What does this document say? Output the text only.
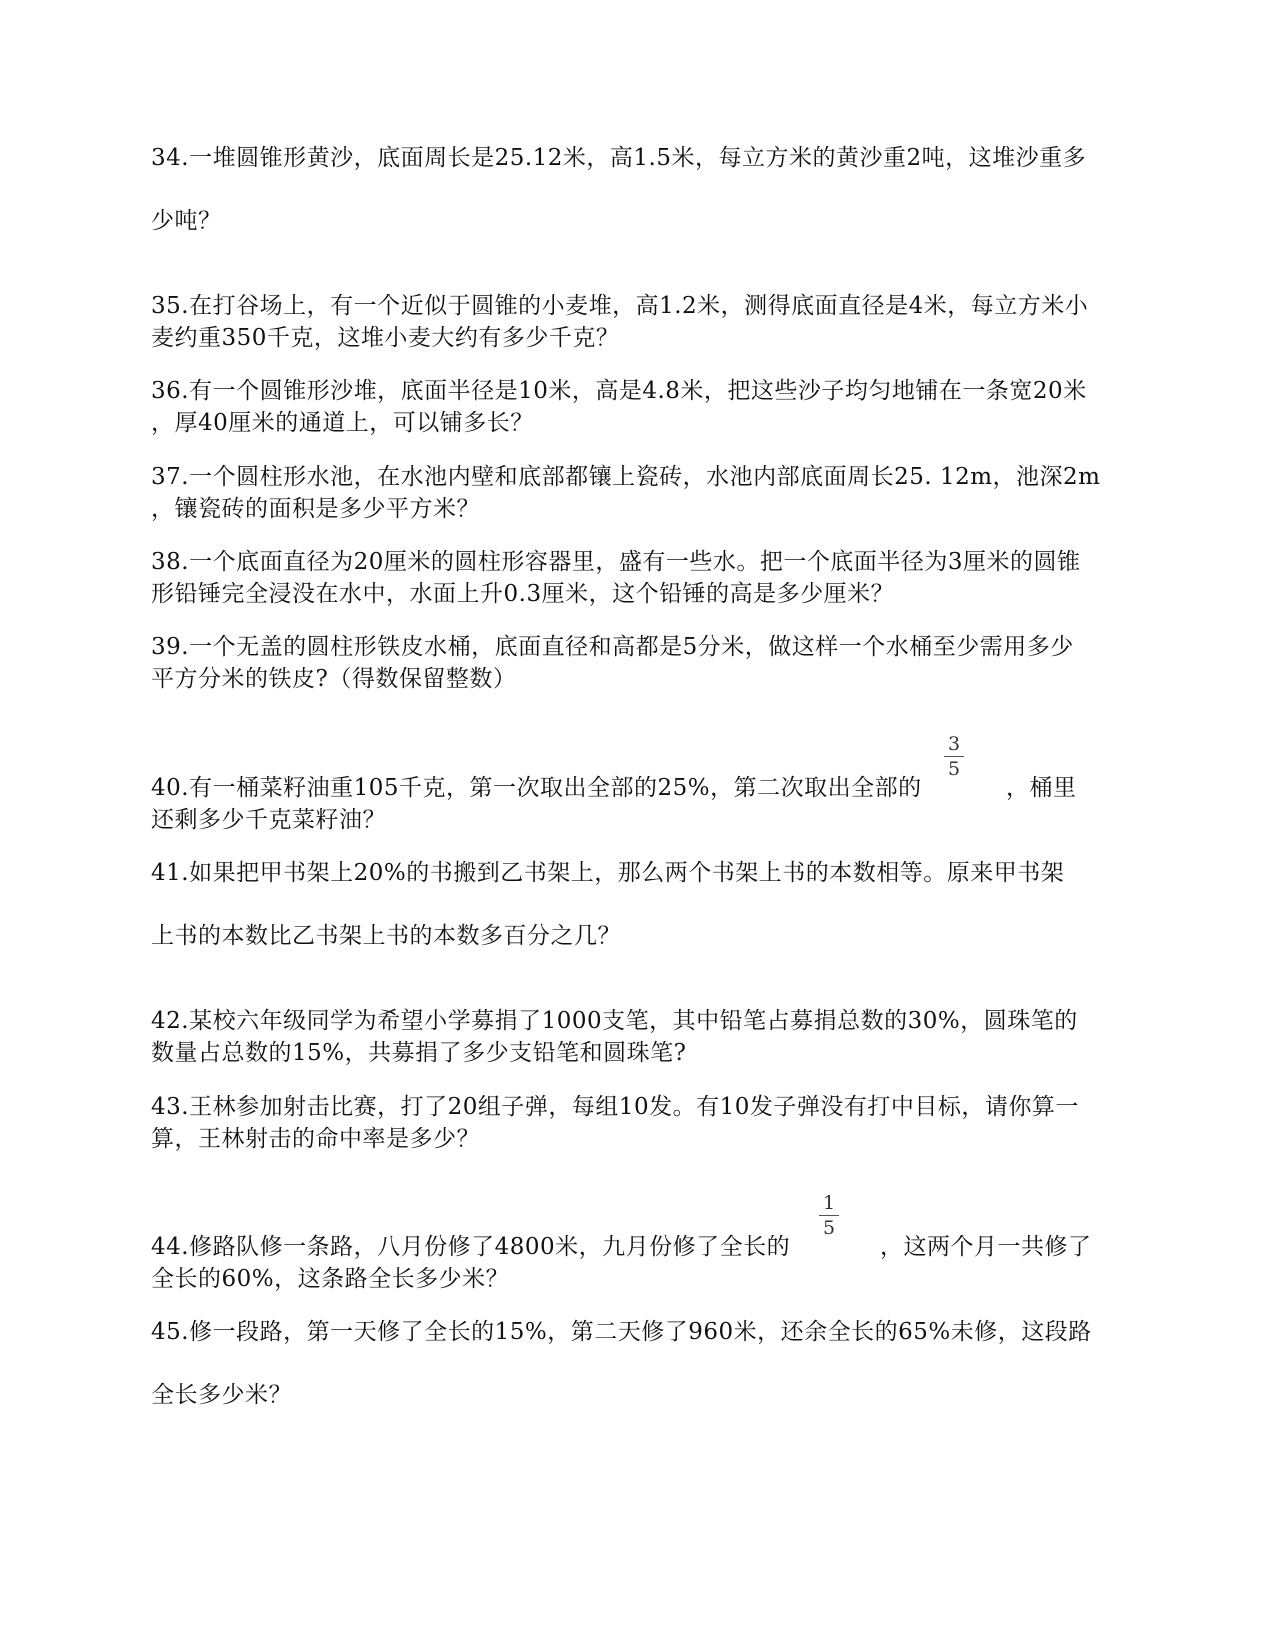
34.一堆圆锥形黄沙，底面周长是25.12米，高1.5米，每立方米的黄沙重2吨，这堆沙重多
少吨？
35.在打谷场上，有一个近似于圆锥的小麦堆，高1.2米，测得底面直径是4米，每立方米小
麦约重350千克，这堆小麦大约有多少千克？
36.有一个圆锥形沙堆，底面半径是10米，高是4.8米，把这些沙子均匀地铺在一条宽20米
，厚40厘米的通道上，可以铺多长？
37.一个圆柱形水池，在水池内壁和底部都镶上瓷砖，水池内部底面周长25. 12m，池深2m
，镶瓷砖的面积是多少平方米？
38.一个底面直径为20厘米的圆柱形容器里，盛有一些水。把一个底面半径为3厘米的圆锥
形铅锤完全浸没在水中，水面上升0.3厘米，这个铅锤的高是多少厘米？
39.一个无盖的圆柱形铁皮水桶，底面直径和高都是5分米，做这样一个水桶至少需用多少
平方分米的铁皮?（得数保留整数）
40.有一桶菜籽油重105千克，第一次取出全部的25%，第二次取出全部的	，桶里
3
5
还剩多少千克菜籽油？
41.如果把甲书架上20%的书搬到乙书架上，那么两个书架上书的本数相等。原来甲书架
上书的本数比乙书架上书的本数多百分之几？
42.某校六年级同学为希望小学募捐了1000支笔，其中铅笔占募捐总数的30%，圆珠笔的
数量占总数的15%，共募捐了多少支铅笔和圆珠笔?
43.王林参加射击比赛，打了20组子弹，每组10发。有10发子弹没有打中目标，请你算一
算，王林射击的命中率是多少？
44.修路队修一条路，八月份修了4800米，九月份修了全长的	，这两个月一共修了
1
5
全长的60%，这条路全长多少米？
45.修一段路，第一天修了全长的15%，第二天修了960米，还余全长的65%未修，这段路
全长多少米？
